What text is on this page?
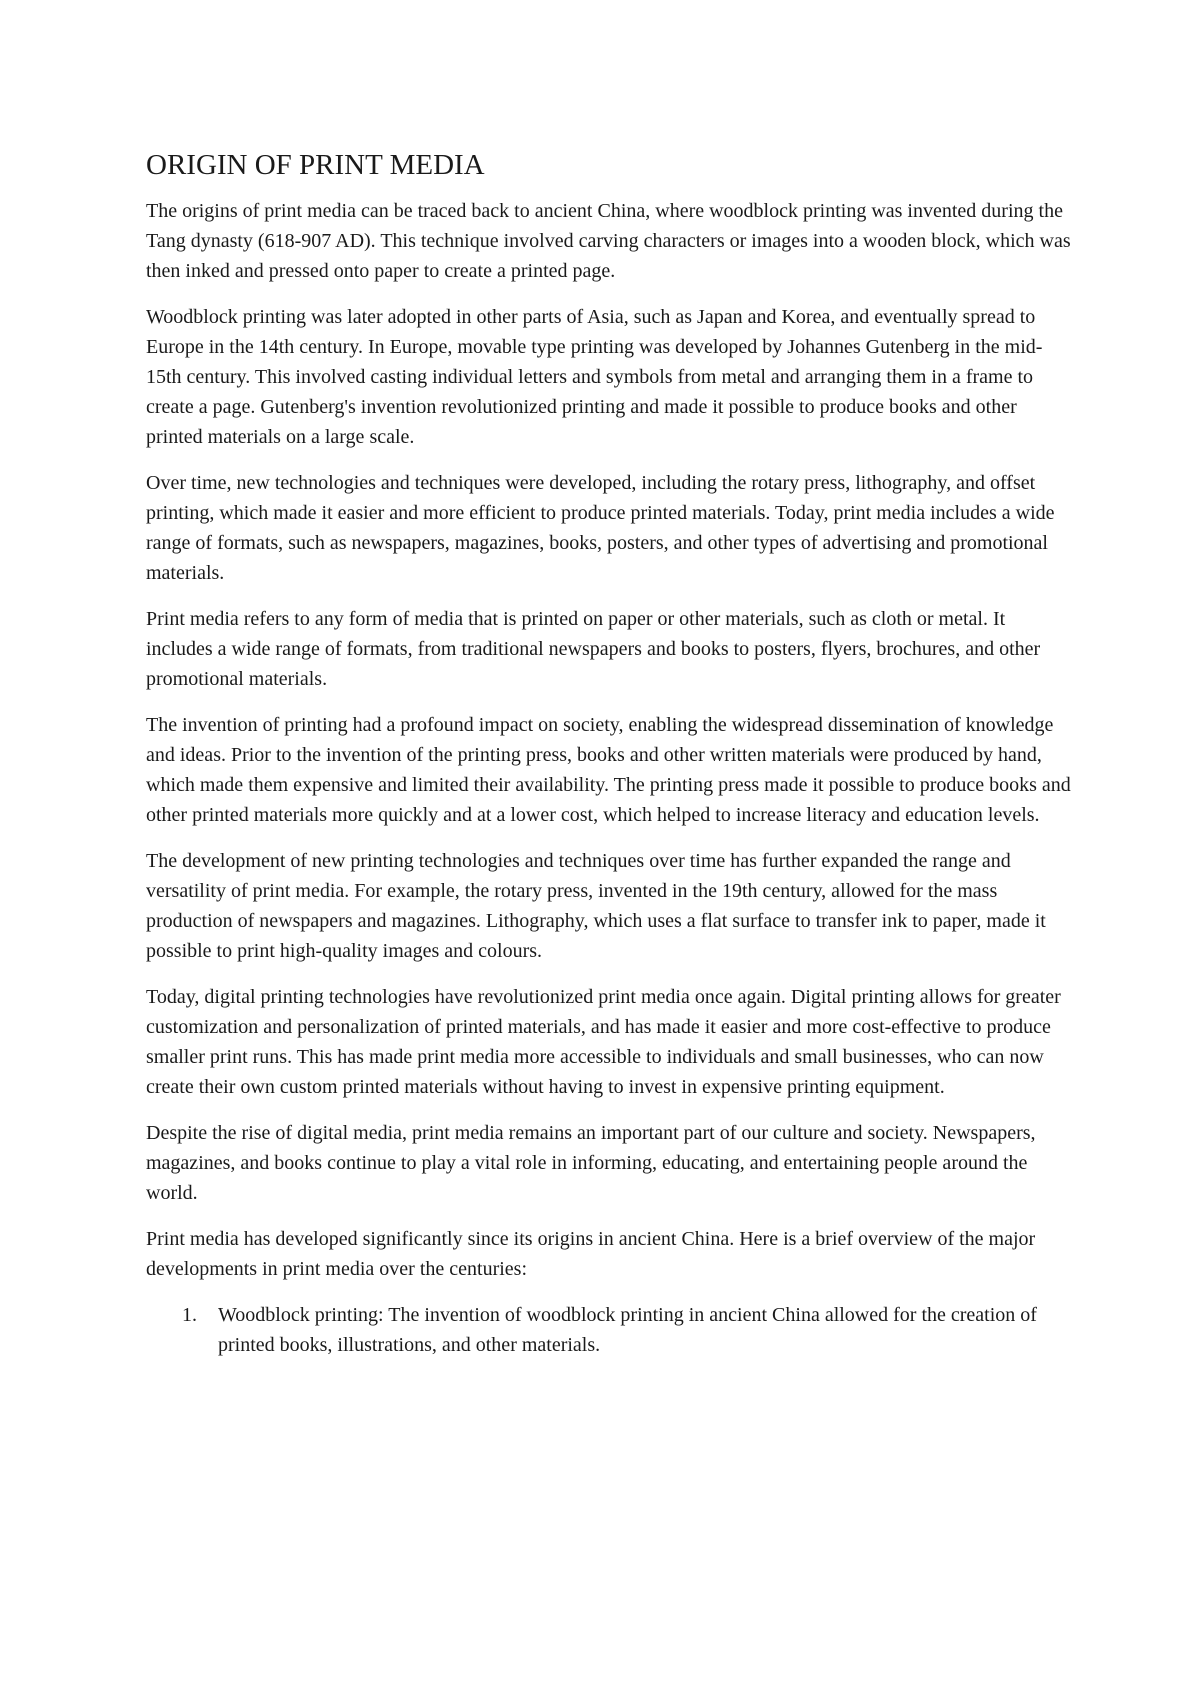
ORIGIN OF PRINT MEDIA

The origins of print media can be traced back to ancient China, where woodblock printing was invented during the Tang dynasty (618-907 AD). This technique involved carving characters or images into a wooden block, which was then inked and pressed onto paper to create a printed page.

Woodblock printing was later adopted in other parts of Asia, such as Japan and Korea, and eventually spread to Europe in the 14th century. In Europe, movable type printing was developed by Johannes Gutenberg in the mid-15th century. This involved casting individual letters and symbols from metal and arranging them in a frame to create a page. Gutenberg's invention revolutionized printing and made it possible to produce books and other printed materials on a large scale.

Over time, new technologies and techniques were developed, including the rotary press, lithography, and offset printing, which made it easier and more efficient to produce printed materials. Today, print media includes a wide range of formats, such as newspapers, magazines, books, posters, and other types of advertising and promotional materials.

Print media refers to any form of media that is printed on paper or other materials, such as cloth or metal. It includes a wide range of formats, from traditional newspapers and books to posters, flyers, brochures, and other promotional materials.

The invention of printing had a profound impact on society, enabling the widespread dissemination of knowledge and ideas. Prior to the invention of the printing press, books and other written materials were produced by hand, which made them expensive and limited their availability. The printing press made it possible to produce books and other printed materials more quickly and at a lower cost, which helped to increase literacy and education levels.

The development of new printing technologies and techniques over time has further expanded the range and versatility of print media. For example, the rotary press, invented in the 19th century, allowed for the mass production of newspapers and magazines. Lithography, which uses a flat surface to transfer ink to paper, made it possible to print high-quality images and colours.

Today, digital printing technologies have revolutionized print media once again. Digital printing allows for greater customization and personalization of printed materials, and has made it easier and more cost-effective to produce smaller print runs. This has made print media more accessible to individuals and small businesses, who can now create their own custom printed materials without having to invest in expensive printing equipment.

Despite the rise of digital media, print media remains an important part of our culture and society. Newspapers, magazines, and books continue to play a vital role in informing, educating, and entertaining people around the world.

Print media has developed significantly since its origins in ancient China. Here is a brief overview of the major developments in print media over the centuries:

1. Woodblock printing: The invention of woodblock printing in ancient China allowed for the creation of printed books, illustrations, and other materials.
